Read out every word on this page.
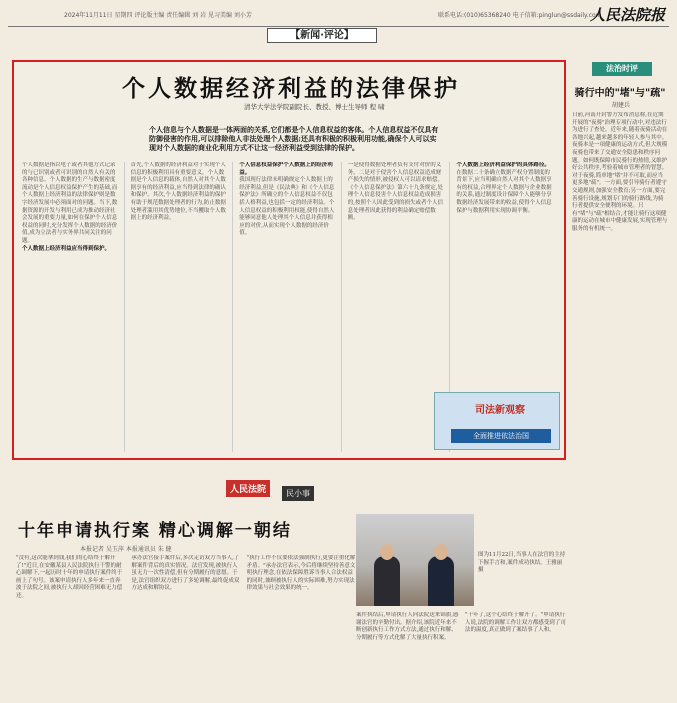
2024年11月11日 星期四 评论版主编 责任编辑 刘 岩 见习美编 刘小芳	联系电话:(010)65368240 电子信箱:pinglun@ssdaily.com
人民法院报
【新闻·评论】
个人数据经济利益的法律保护
清华大学法学院副院长、教授、博士生导师 程 啸
个人信息与个人数据是一体两面的关系,它们都是个人信息权益的客体。个人信息权益不仅具有防御侵害的作用,可以排除他人非法处理个人数据;还具有积极的积极利用功能,确保个人可以实现对个人数据的商业化利用方式不让这一经济利益受到法律的保护。
个人数据是指以电子或者其他方式记录的与已识别或者可识别的自然人有关的各种信息。个人数据的生产与数据密度流动是个人信息权益保护产生的基础,而个人数据上经济利益的法律保护则是数字经济发展中必须面对的问题。当下,数据资源的开发与利用已成为推动经济社会发展的重要力量,如何在保护个人信息权益的同时,充分发挥个人数据的经济价值,成为立法者与实务界共同关注的问题。

个人数据上经济利益应当得到保护。

首先,个人数据的经济利益对于实现个人信息的积极利用具有重要意义。个人数据是个人信息的载体,自然人对其个人数据享有的经济利益,应当得到法律的确认和保护。其次,个人数据经济利益的保护有助于规范数据处理者的行为,防止数据处理者滥用其优势地位,不当攫取个人数据上的经济利益。

个人信息权益保护个人数据上的经济利益。

我国现行法律未明确规定个人数据上的经济利益,但是《民法典》和《个人信息保护法》所确立的个人信息权益不仅包括人格利益,也包括一定的经济利益。个人信息权益的积极利用权能,使得自然人能够同意他人处理其个人信息并获得相应的对价,从而实现个人数据的经济价值。
一是使得数据处理者负有支付对价的义务。二是对于侵害个人信息权益造成财产损失的情形,被侵权人可以请求赔偿。《个人信息保护法》第六十九条规定,处理个人信息侵害个人信息权益造成损害的,按照个人因此受到的损失或者个人信息处理者因此获得的利益确定赔偿数额。

个人数据上经济利益保护的具体路径。

在数据二十条确立数据产权分置制度的背景下,应当明确自然人对其个人数据享有的权益,合理界定个人数据与企业数据的关系,通过制度设计保障个人能够分享数据经济发展带来的收益,使得个人信息保护与数据利用实现协调平衡。
司法新观察
全面推进依法治国
法治时评
骑行中的"堵"与"疏"
胡建兵
日前,河南开封警方发布消息称,在近期开展的"夜骑"治理专项行动中,对违法行为进行了查处。近年来,随着夜骑活动在各地兴起,越来越多的年轻人参与其中。夜骑本是一项健康的运动方式,但大规模夜骑也带来了交通安全隐患和秩序问题。如何既保障市民骑行的热情,又维护好公共秩序,考验着城市管理者的智慧。对于夜骑,简单地"堵"并不可取,而应当更多地"疏"。一方面,要引导骑行者遵守交通规则,加强安全教育;另一方面,要完善骑行设施,规划专门的骑行路线,为骑行者提供安全便利的环境。只有"堵"与"疏"相结合,才能让骑行这项健康的运动在城市中健康发展,实现管理与服务的有机统一。
人民法院	民小事
十年申请执行案 精心调解一朝结
本报记者 吴玉萍 本报通讯员 朱 健
"没有,这次能拿到钱,我们的心结终于解开了!"近日,在安徽某县人民法院执行干警的耐心调解下,一起历时十年的申请执行案件终于画上了句号。该案申请执行人多年来一直奔波于法院之间,被执行人却因经营困难无力偿还。
承办法官接手案件后,多次走访双方当事人,了解案件背后的真实情况。法官发现,被执行人虽无力一次性清偿,但有分期履行的意愿。于是,法官组织双方进行了多轮调解,最终促成双方达成和解协议。
"执行工作不仅要依法强制执行,更要注重化解矛盾。"承办法官表示,今后将继续坚持善意文明执行理念,在依法保障胜诉当事人合法权益的同时,兼顾被执行人的实际困难,努力实现法律效果与社会效果的统一。
图为11月22日,当事人在法官的主持下握手言和,案件成功执结。王雅丽 摄
案件执结后,申请执行人向法院送来锦旗,感谢法官的辛勤付出。据介绍,该院近年来不断创新执行工作方式方法,通过执行和解、分期履行等方式化解了大量执行积案。
"十年了,这个心结终于解开了。"申请执行人说,法院的调解工作让双方都感受到了司法的温度,真正做到了案结事了人和。
